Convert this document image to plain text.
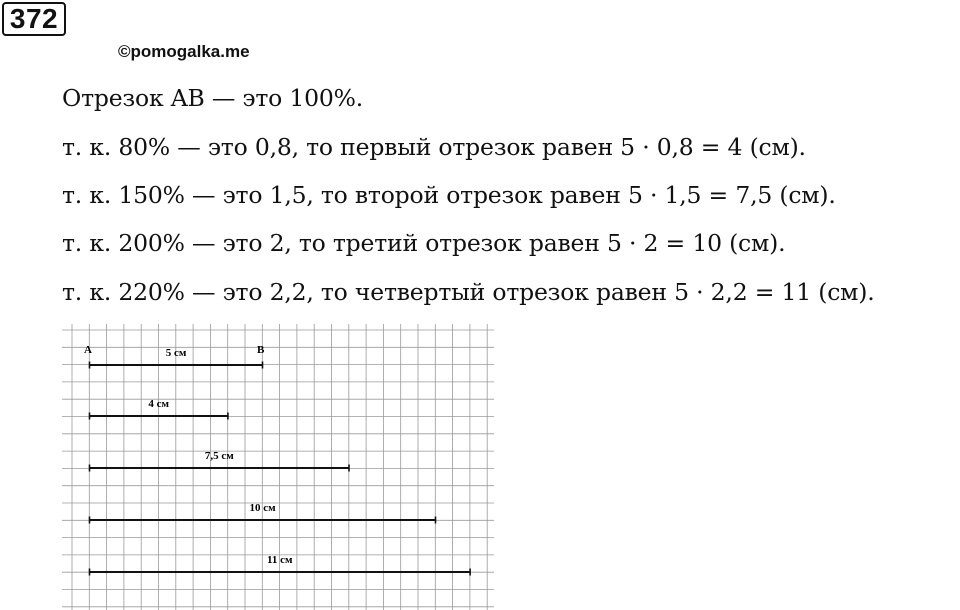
372
©pomogalka.me
Отрезок AB — это 100%.
т. к. 80% — это 0,8, то первый отрезок равен 5 · 0,8 = 4 (см).
т. к. 150% — это 1,5, то второй отрезок равен 5 · 1,5 = 7,5 (см).
т. к. 200% — это 2, то третий отрезок равен 5 · 2 = 10 (см).
т. к. 220% — это 2,2, то четвертый отрезок равен 5 · 2,2 = 11 (см).
5 см
4 см
7,5 см
10 см
11 см
A	B
